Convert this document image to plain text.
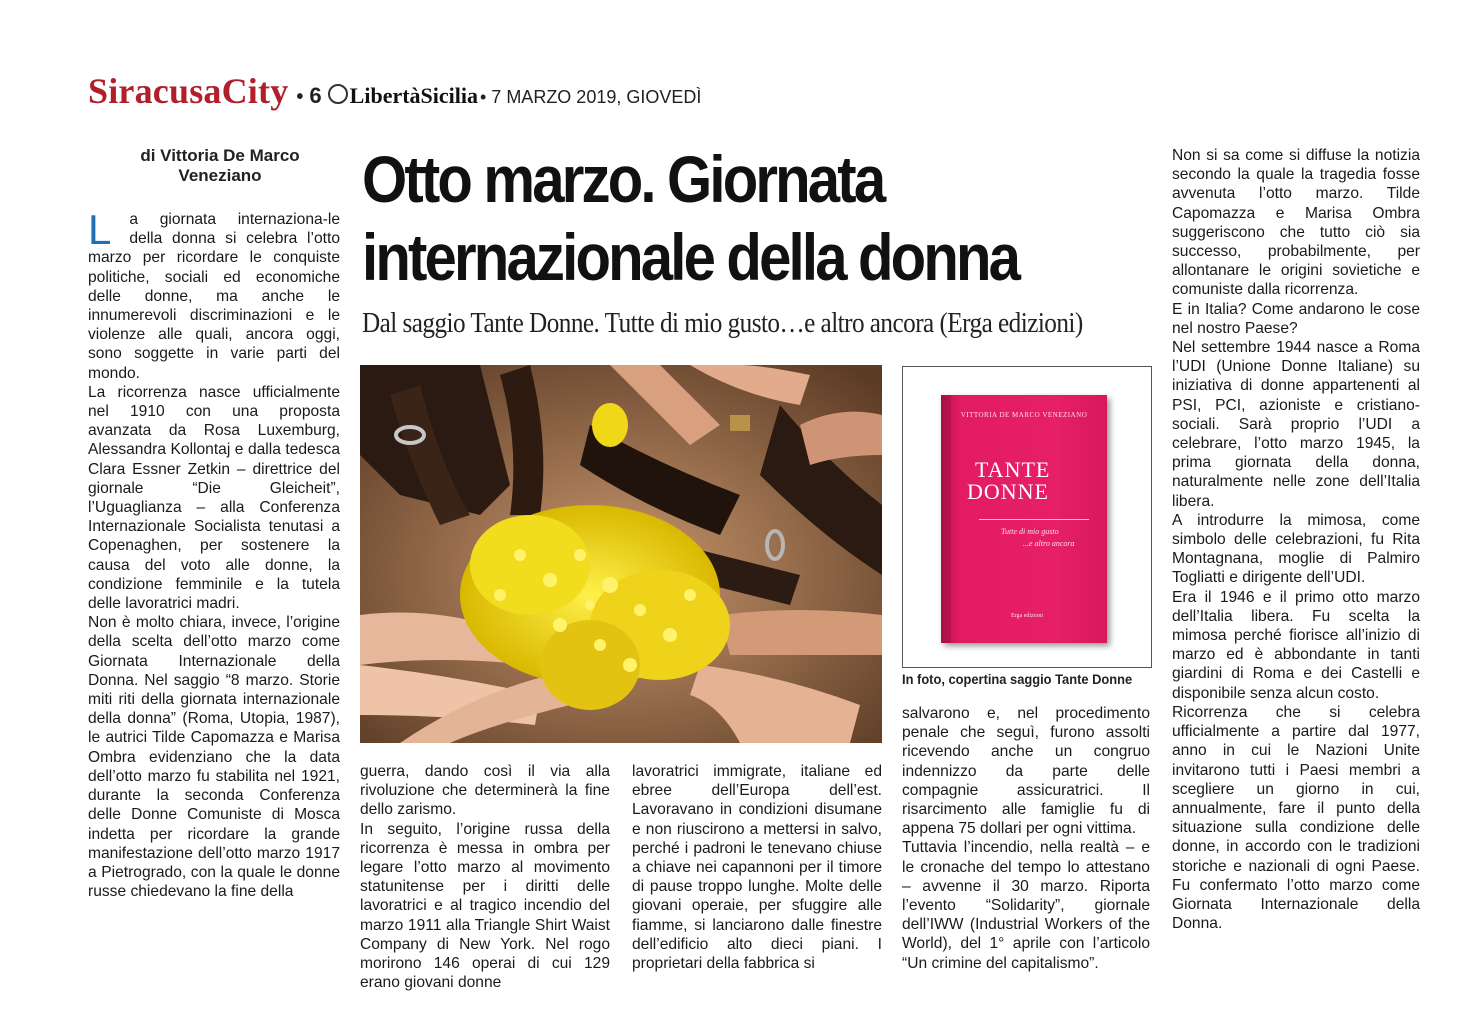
SiracusaCity • 6 LibertàSicilia • 7 MARZO 2019, GIOVEDÌ
di Vittoria De Marco
Veneziano

L a giornata internaziona-le della donna si celebra l’otto marzo per ricordare le conquiste politiche, sociali ed economiche delle donne, ma anche le innumerevoli discriminazioni e le violenze alle quali, ancora oggi, sono soggette in varie parti del mondo.

La ricorrenza nasce ufficialmente nel 1910 con una proposta avanzata da Rosa Luxemburg, Alessandra Kollontaj e dalla tedesca Clara Essner Zetkin – direttrice del giornale “Die Gleicheit”, l’Uguaglianza – alla Conferenza Internazionale Socialista tenutasi a Copenaghen, per sostenere la causa del voto alle donne, la condizione femminile e la tutela delle lavoratrici madri.

Non è molto chiara, invece, l’origine della scelta dell’otto marzo come Giornata Internazionale della Donna. Nel saggio “8 marzo. Storie miti riti della giornata internazionale della donna” (Roma, Utopia, 1987), le autrici Tilde Capomazza e Marisa Ombra evidenziano che la data dell’otto marzo fu stabilita nel 1921, durante la seconda Conferenza delle Donne Comuniste di Mosca indetta per ricordare la grande manifestazione dell’otto marzo 1917 a Pietrogrado, con la quale le donne russe chiedevano la fine della

Otto marzo. Giornata
internazionale della donna
Dal saggio Tante Donne. Tutte di mio gusto…e altro ancora (Erga edizioni)
VITTORIA DE MARCO VENEZIANO
TANTE
DONNE
Tutte di mio gusto
...e altro ancora
Erga edizioni
In foto, copertina saggio Tante Donne

guerra, dando così il via alla rivoluzione che determinerà la fine dello zarismo.

In seguito, l’origine russa della ricorrenza è messa in ombra per legare l’otto marzo al movimento statunitense per i diritti delle lavoratrici e al tragico incendio del marzo 1911 alla Triangle Shirt Waist Company di New York. Nel rogo morirono 146 operai di cui 129 erano giovani donne

lavoratrici immigrate, italiane ed ebree dell’Europa dell’est. Lavoravano in condizioni disumane e non riuscirono a mettersi in salvo, perché i padroni le tenevano chiuse a chiave nei capannoni per il timore di pause troppo lunghe. Molte delle giovani operaie, per sfuggire alle fiamme, si lanciarono dalle finestre dell’edificio alto dieci piani. I proprietari della fabbrica si

salvarono e, nel procedimento penale che seguì, furono assolti ricevendo anche un congruo indennizzo da parte delle compagnie assicuratrici. Il risarcimento alle famiglie fu di appena 75 dollari per ogni vittima.

Tuttavia l’incendio, nella realtà – e le cronache del tempo lo attestano – avvenne il 30 marzo. Riporta l’evento “Solidarity”, giornale dell’IWW (Industrial Workers of the World), del 1° aprile con l’articolo “Un crimine del capitalismo”.

Non si sa come si diffuse la notizia secondo la quale la tragedia fosse avvenuta l’otto marzo. Tilde Capomazza e Marisa Ombra suggeriscono che tutto ciò sia successo, probabilmente, per allontanare le origini sovietiche e comuniste dalla ricorrenza.

E in Italia? Come andarono le cose nel nostro Paese?

Nel settembre 1944 nasce a Roma l’UDI (Unione Donne Italiane) su iniziativa di donne appartenenti al PSI, PCI, azioniste e cristiano-sociali. Sarà proprio l’UDI a celebrare, l’otto marzo 1945, la prima giornata della donna, naturalmente nelle zone dell’Italia libera.

A introdurre la mimosa, come simbolo delle celebrazioni, fu Rita Montagnana, moglie di Palmiro Togliatti e dirigente dell’UDI.

Era il 1946 e il primo otto marzo dell’Italia libera. Fu scelta la mimosa perché fiorisce all’inizio di marzo ed è abbondante in tanti giardini di Roma e dei Castelli e disponibile senza alcun costo.

Ricorrenza che si celebra ufficialmente a partire dal 1977, anno in cui le Nazioni Unite invitarono tutti i Paesi membri a scegliere un giorno in cui, annualmente, fare il punto della situazione sulla condizione delle donne, in accordo con le tradizioni storiche e nazionali di ogni Paese. Fu confermato l’otto marzo come Giornata Internazionale della Donna.
